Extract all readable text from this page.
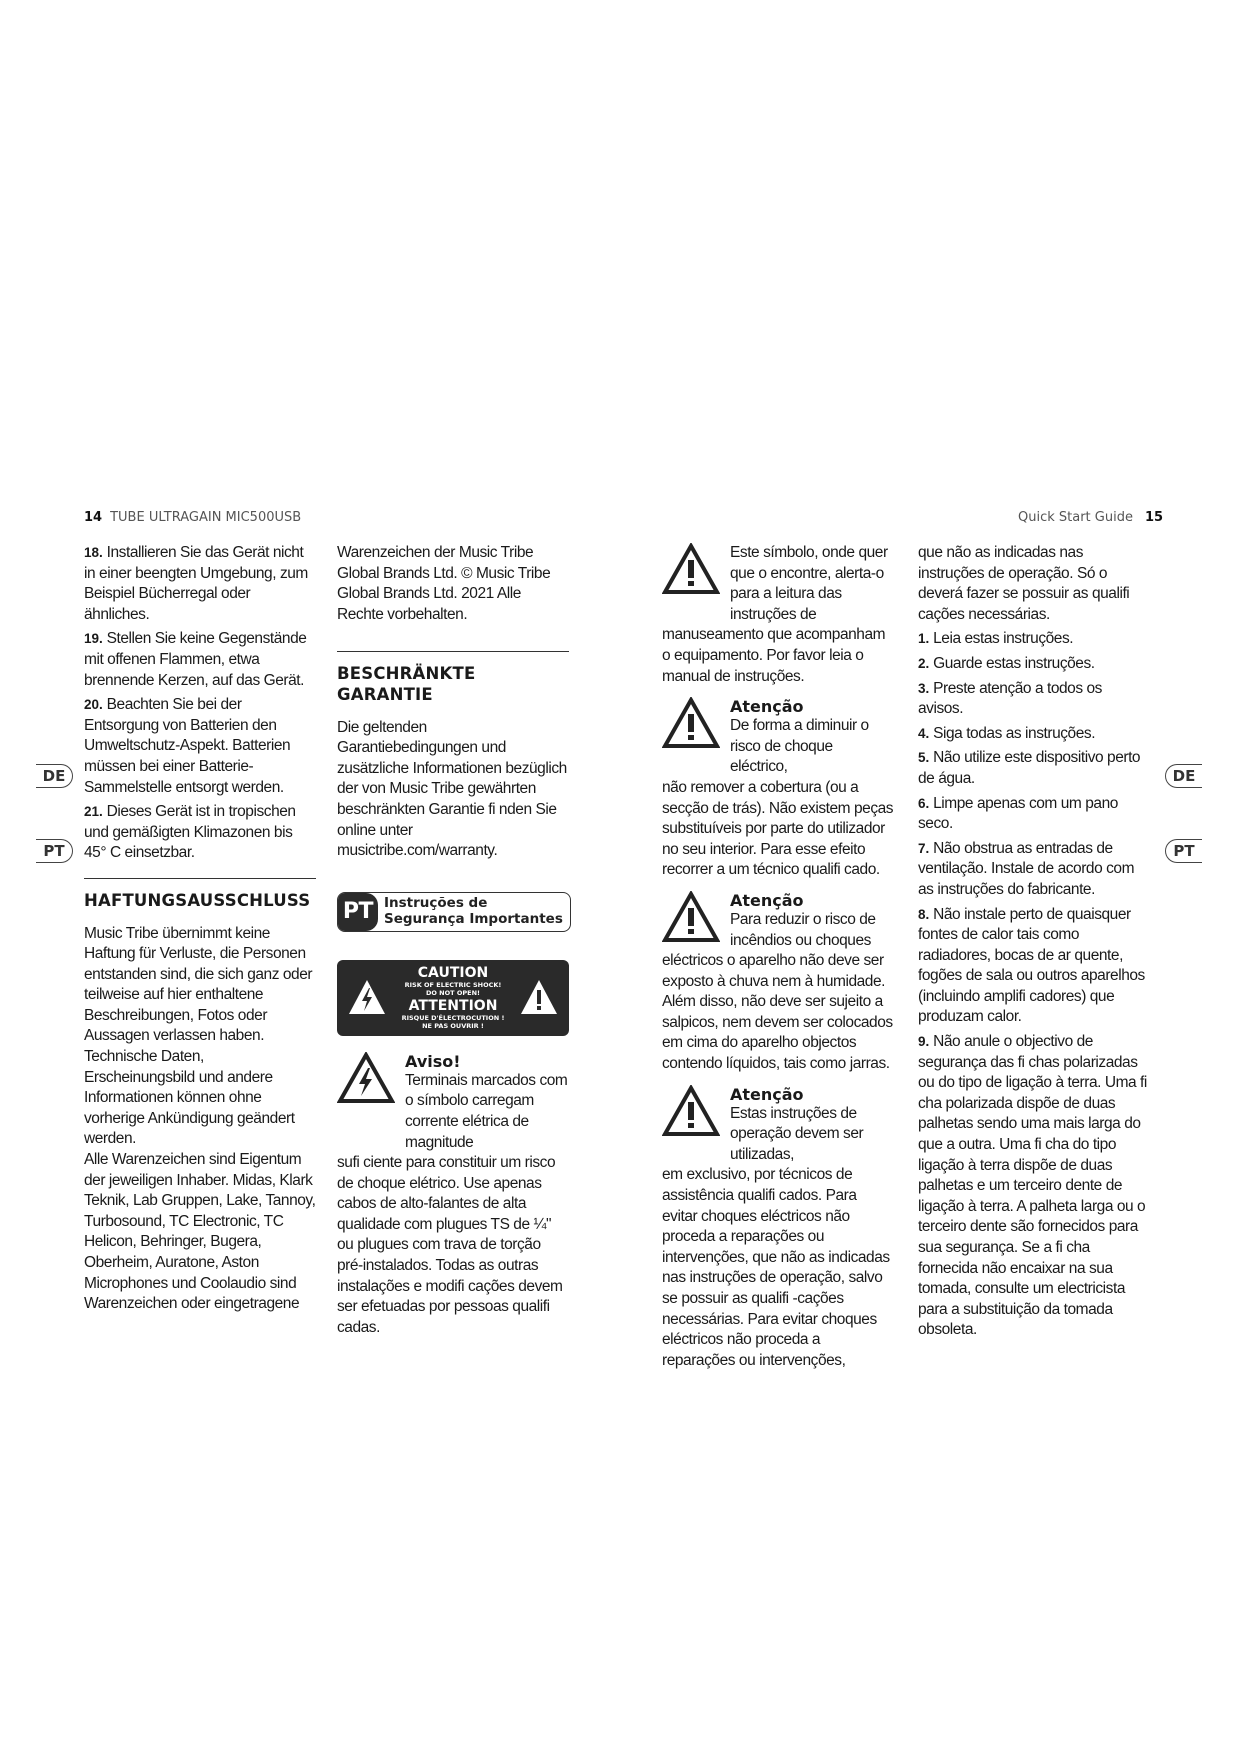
14 TUBE ULTRAGAIN MIC500USB	Quick Start Guide 15
DE
PT
DE
PT

18. Installieren Sie das Gerät nicht in einer beengten Umgebung, zum Beispiel Bücherregal oder ähnliches.

19. Stellen Sie keine Gegenstände mit offenen Flammen, etwa brennende Kerzen, auf das Gerät.

20. Beachten Sie bei der Entsorgung von Batterien den Umweltschutz-Aspekt. Batterien müssen bei einer Batterie-Sammelstelle entsorgt werden.

21. Dieses Gerät ist in tropischen und gemäßigten Klimazonen bis 45° C einsetzbar.

HAFTUNGSAUSSCHLUSS

Music Tribe übernimmt keine Haftung für Verluste, die Personen entstanden sind, die sich ganz oder teilweise auf hier enthaltene Beschreibungen, Fotos oder Aussagen verlassen haben. Technische Daten, Erscheinungsbild und andere Informationen können ohne vorherige Ankündigung geändert werden.

Alle Warenzeichen sind Eigentum der jeweiligen Inhaber. Midas, Klark Teknik, Lab Gruppen, Lake, Tannoy, Turbosound, TC Electronic, TC Helicon, Behringer, Bugera, Oberheim, Auratone, Aston Microphones und Coolaudio sind Warenzeichen oder eingetragene

Warenzeichen der Music Tribe Global Brands Ltd. © Music Tribe Global Brands Ltd. 2021 Alle Rechte vorbehalten.

BESCHRÄNKTE GARANTIE

Die geltenden Garantiebedingungen und zusätzliche Informationen bezüglich der von Music Tribe gewährten beschränkten Garantie fi nden Sie online unter musictribe.com/warranty.

PT Instruções de
Segurança Importantes
CAUTION
RISK OF ELECTRIC SHOCK!
DO NOT OPEN!
ATTENTION
RISQUE D'ÉLECTROCUTION !
NE PAS OUVRIR !
Aviso!

Terminais marcados com o símbolo carregam corrente elétrica de magnitude

sufi ciente para constituir um risco de choque elétrico. Use apenas cabos de alto-falantes de alta qualidade com plugues TS de ¼" ou plugues com trava de torção pré-instalados. Todas as outras instalações e modifi cações devem ser efetuadas por pessoas qualifi cadas.

Este símbolo, onde quer que o encontre, alerta-o para a leitura das instruções de

manuseamento que acompanham o equipamento. Por favor leia o manual de instruções.

Atenção

De forma a diminuir o risco de choque eléctrico,

não remover a cobertura (ou a secção de trás). Não existem peças substituíveis por parte do utilizador no seu interior. Para esse efeito recorrer a um técnico qualifi cado.

Atenção

Para reduzir o risco de incêndios ou choques

eléctricos o aparelho não deve ser exposto à chuva nem à humidade. Além disso, não deve ser sujeito a salpicos, nem devem ser colocados em cima do aparelho objectos contendo líquidos, tais como jarras.

Atenção

Estas instruções de operação devem ser utilizadas,

em exclusivo, por técnicos de assistência qualifi cados. Para evitar choques eléctricos não proceda a reparações ou intervenções, que não as indicadas nas instruções de operação, salvo se possuir as qualifi -cações necessárias. Para evitar choques eléctricos não proceda a reparações ou intervenções,

que não as indicadas nas instruções de operação. Só o deverá fazer se possuir as qualifi cações necessárias.

1. Leia estas instruções.

2. Guarde estas instruções.

3. Preste atenção a todos os avisos.

4. Siga todas as instruções.

5. Não utilize este dispositivo perto de água.

6. Limpe apenas com um pano seco.

7. Não obstrua as entradas de ventilação. Instale de acordo com as instruções do fabricante.

8. Não instale perto de quaisquer fontes de calor tais como radiadores, bocas de ar quente, fogões de sala ou outros aparelhos (incluindo amplifi cadores) que produzam calor.

9. Não anule o objectivo de segurança das fi chas polarizadas ou do tipo de ligação à terra. Uma fi cha polarizada dispõe de duas palhetas sendo uma mais larga do que a outra. Uma fi cha do tipo ligação à terra dispõe de duas palhetas e um terceiro dente de ligação à terra. A palheta larga ou o terceiro dente são fornecidos para sua segurança. Se a fi cha fornecida não encaixar na sua tomada, consulte um electricista para a substituição da tomada obsoleta.
